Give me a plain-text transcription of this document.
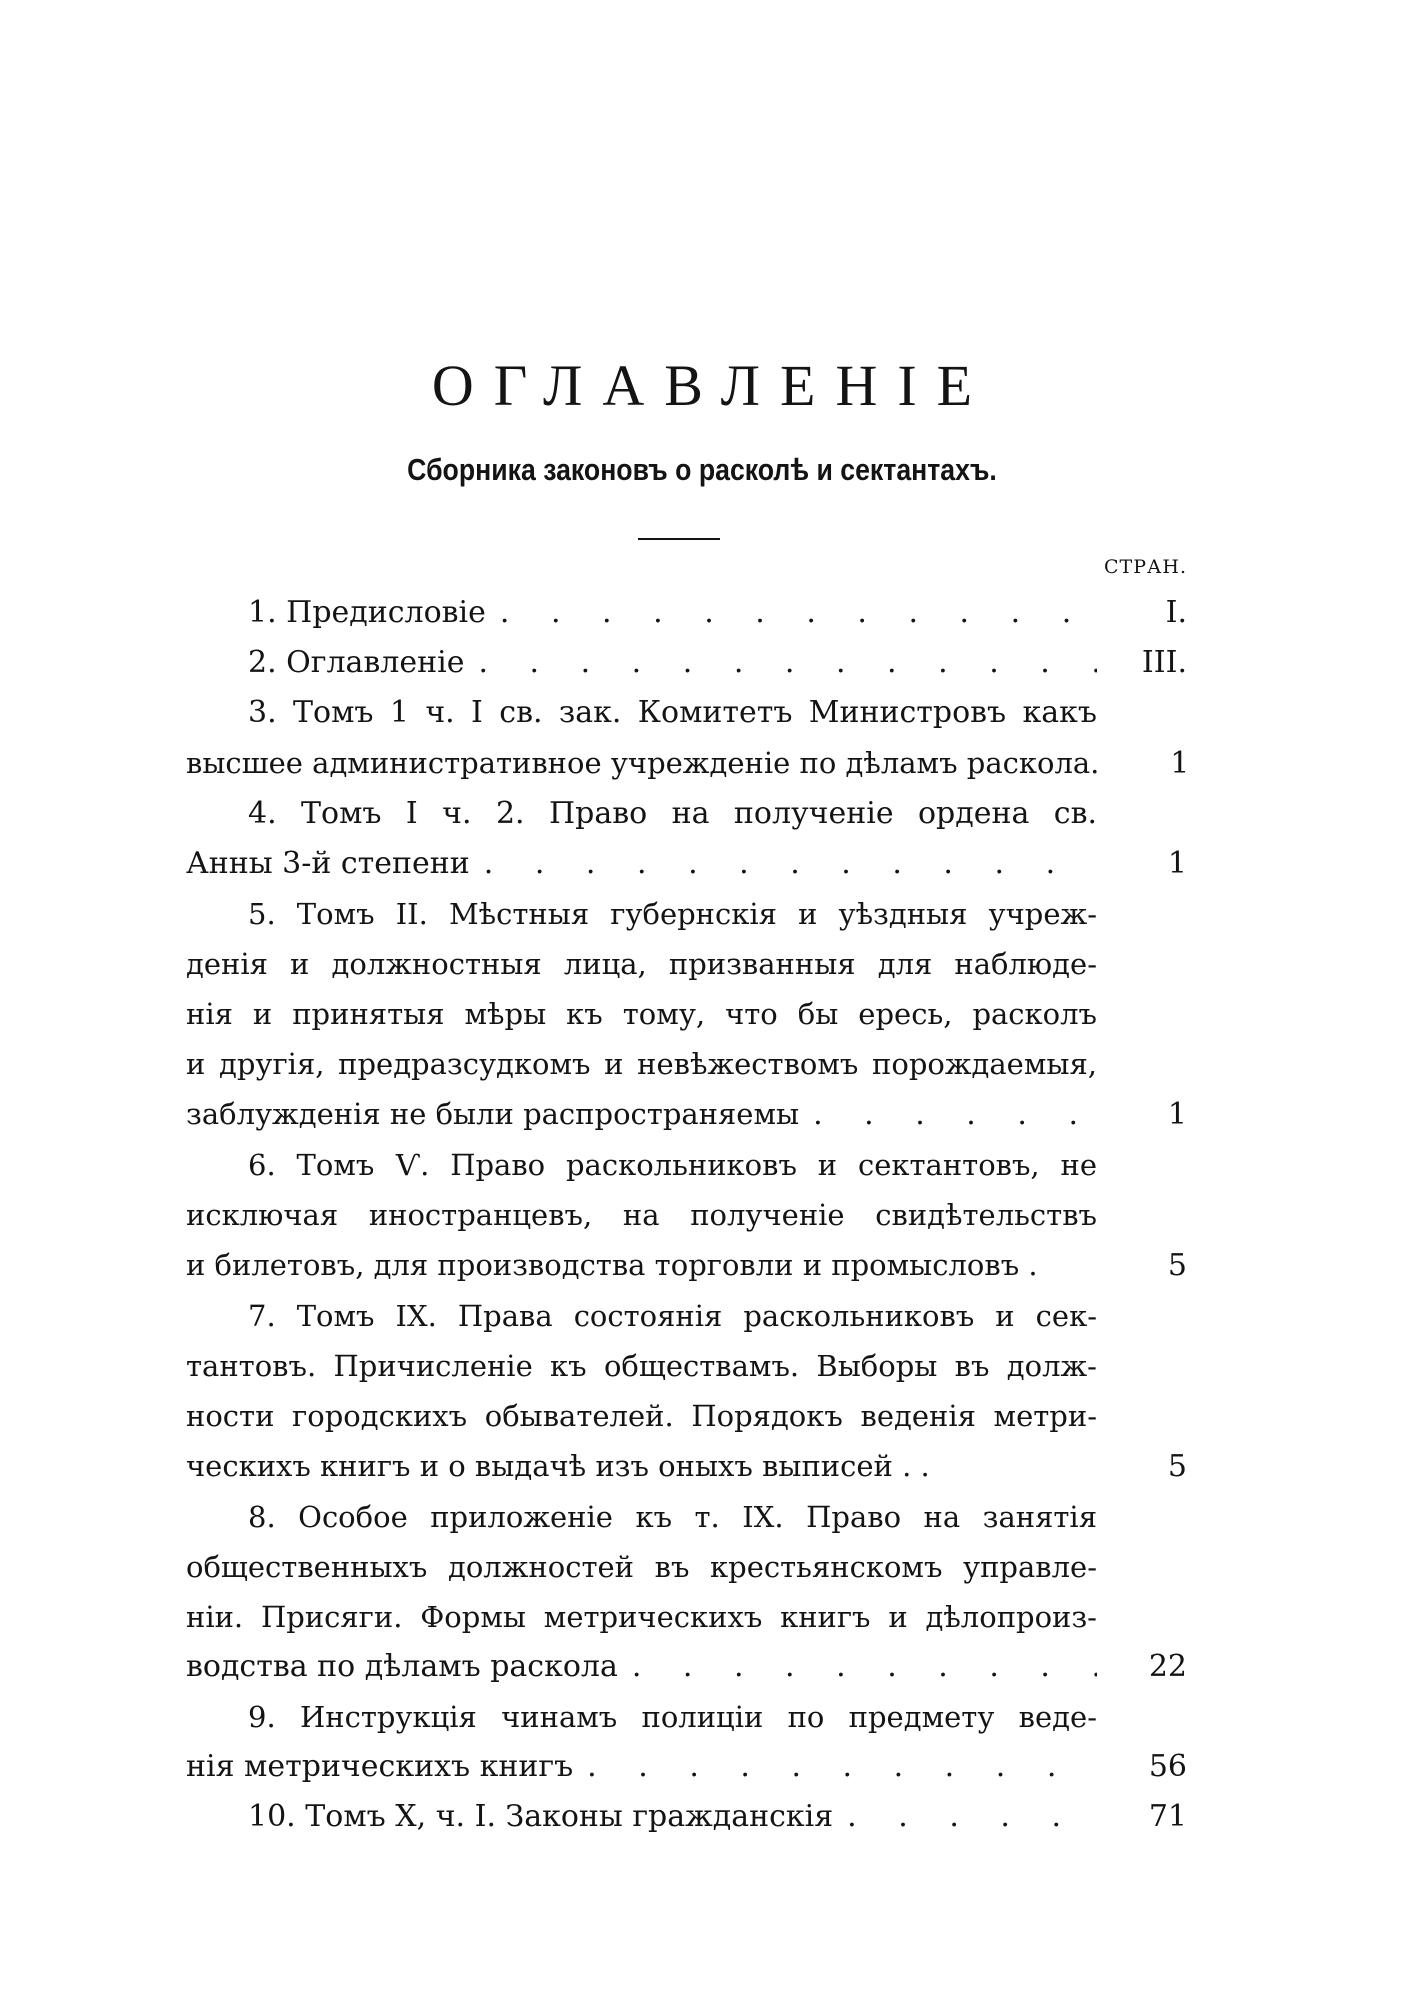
ОГЛАВЛЕНІЕ
Сборника законовъ о расколѣ и сектантахъ.
СТРАН.
1. Предисловіе . . .	I.
2. Оглавленіе . . .	III.
3. Томъ 1 ч. I св. зак. Комитетъ Министровъ какъ
высшее административное учрежденіе по дѣламъ раскола.	1
4. Томъ I ч. 2. Право на полученіе ордена св.
Анны 3-й степени . . .	1
5. Томъ II. Мѣстныя губернскія и уѣздныя учреж-
денія и должностныя лица, призванныя для наблюде-
нія и принятыя мѣры къ тому, что бы ересь, расколъ
и другія, предразсудкомъ и невѣжествомъ порождаемыя,
заблужденія не были распространяемы . . .	1
6. Томъ Ѵ. Право раскольниковъ и сектантовъ, не
исключая иностранцевъ, на полученіе свидѣтельствъ
и билетовъ, для производства торговли и промысловъ .	5
7. Томъ IX. Права состоянія раскольниковъ и сек-
тантовъ. Причисленіе къ обществамъ. Выборы въ долж-
ности городскихъ обывателей. Порядокъ веденія метри-
ческихъ книгъ и о выдачѣ изъ оныхъ выписей . .	5
8. Особое приложеніе къ т. IX. Право на занятія
общественныхъ должностей въ крестьянскомъ управле-
ніи. Присяги. Формы метрическихъ книгъ и дѣлопроиз-
водства по дѣламъ раскола . . .	22
9. Инструкція чинамъ полиціи по предмету веде-
нія метрическихъ книгъ . . .	56
10. Томъ X, ч. I. Законы гражданскія . . .	71
